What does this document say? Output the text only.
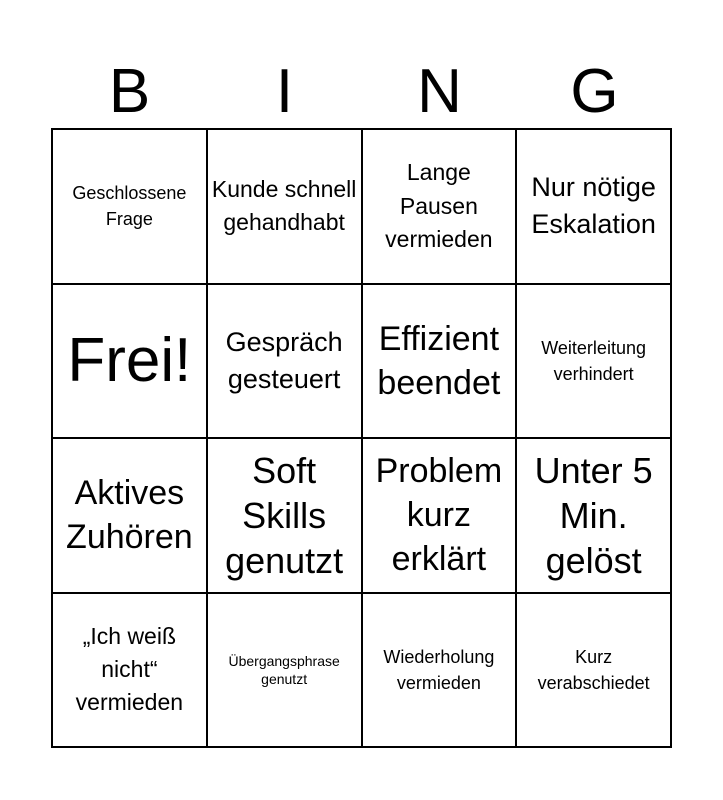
B	I	N	G
Geschlossene Frage
Kunde schnell gehandhabt
Lange Pausen vermieden
Nur nötige Eskalation
Frei!	Gespräch gesteuert
Effizient beendet
Weiterleitung verhindert
Aktives Zuhören
Soft Skills genutzt
Problem kurz erklärt
Unter 5 Min. gelöst
„Ich weiß nicht“ vermieden
Übergangsphrase genutzt
Wiederholung vermieden
Kurz verabschiedet
